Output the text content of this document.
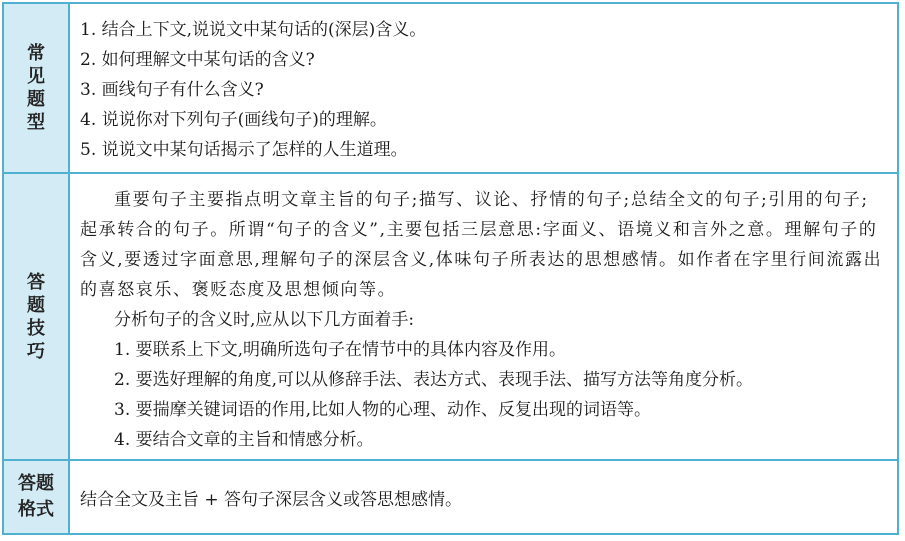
常见题型
1. 结合上下文,说说文中某句话的(深层)含义。
2. 如何理解文中某句话的含义?
3. 画线句子有什么含义?
4. 说说你对下列句子(画线句子)的理解。
5. 说说文中某句话揭示了怎样的人生道理。
答题技巧

重要句子主要指点明文章主旨的句子;描写、议论、抒情的句子;总结全文的句子;引用的句子;起承转合的句子。所谓“句子的含义”,主要包括三层意思:字面义、语境义和言外之意。理解句子的含义,要透过字面意思,理解句子的深层含义,体味句子所表达的思想感情。如作者在字里行间流露出的喜怒哀乐、褒贬态度及思想倾向等。

分析句子的含义时,应从以下几方面着手:
1. 要联系上下文,明确所选句子在情节中的具体内容及作用。
2. 要选好理解的角度,可以从修辞手法、表达方式、表现手法、描写方法等角度分析。
3. 要揣摩关键词语的作用,比如人物的心理、动作、反复出现的词语等。
4. 要结合文章的主旨和情感分析。
答题格式 结合全文及主旨 + 答句子深层含义或答思想感情。
